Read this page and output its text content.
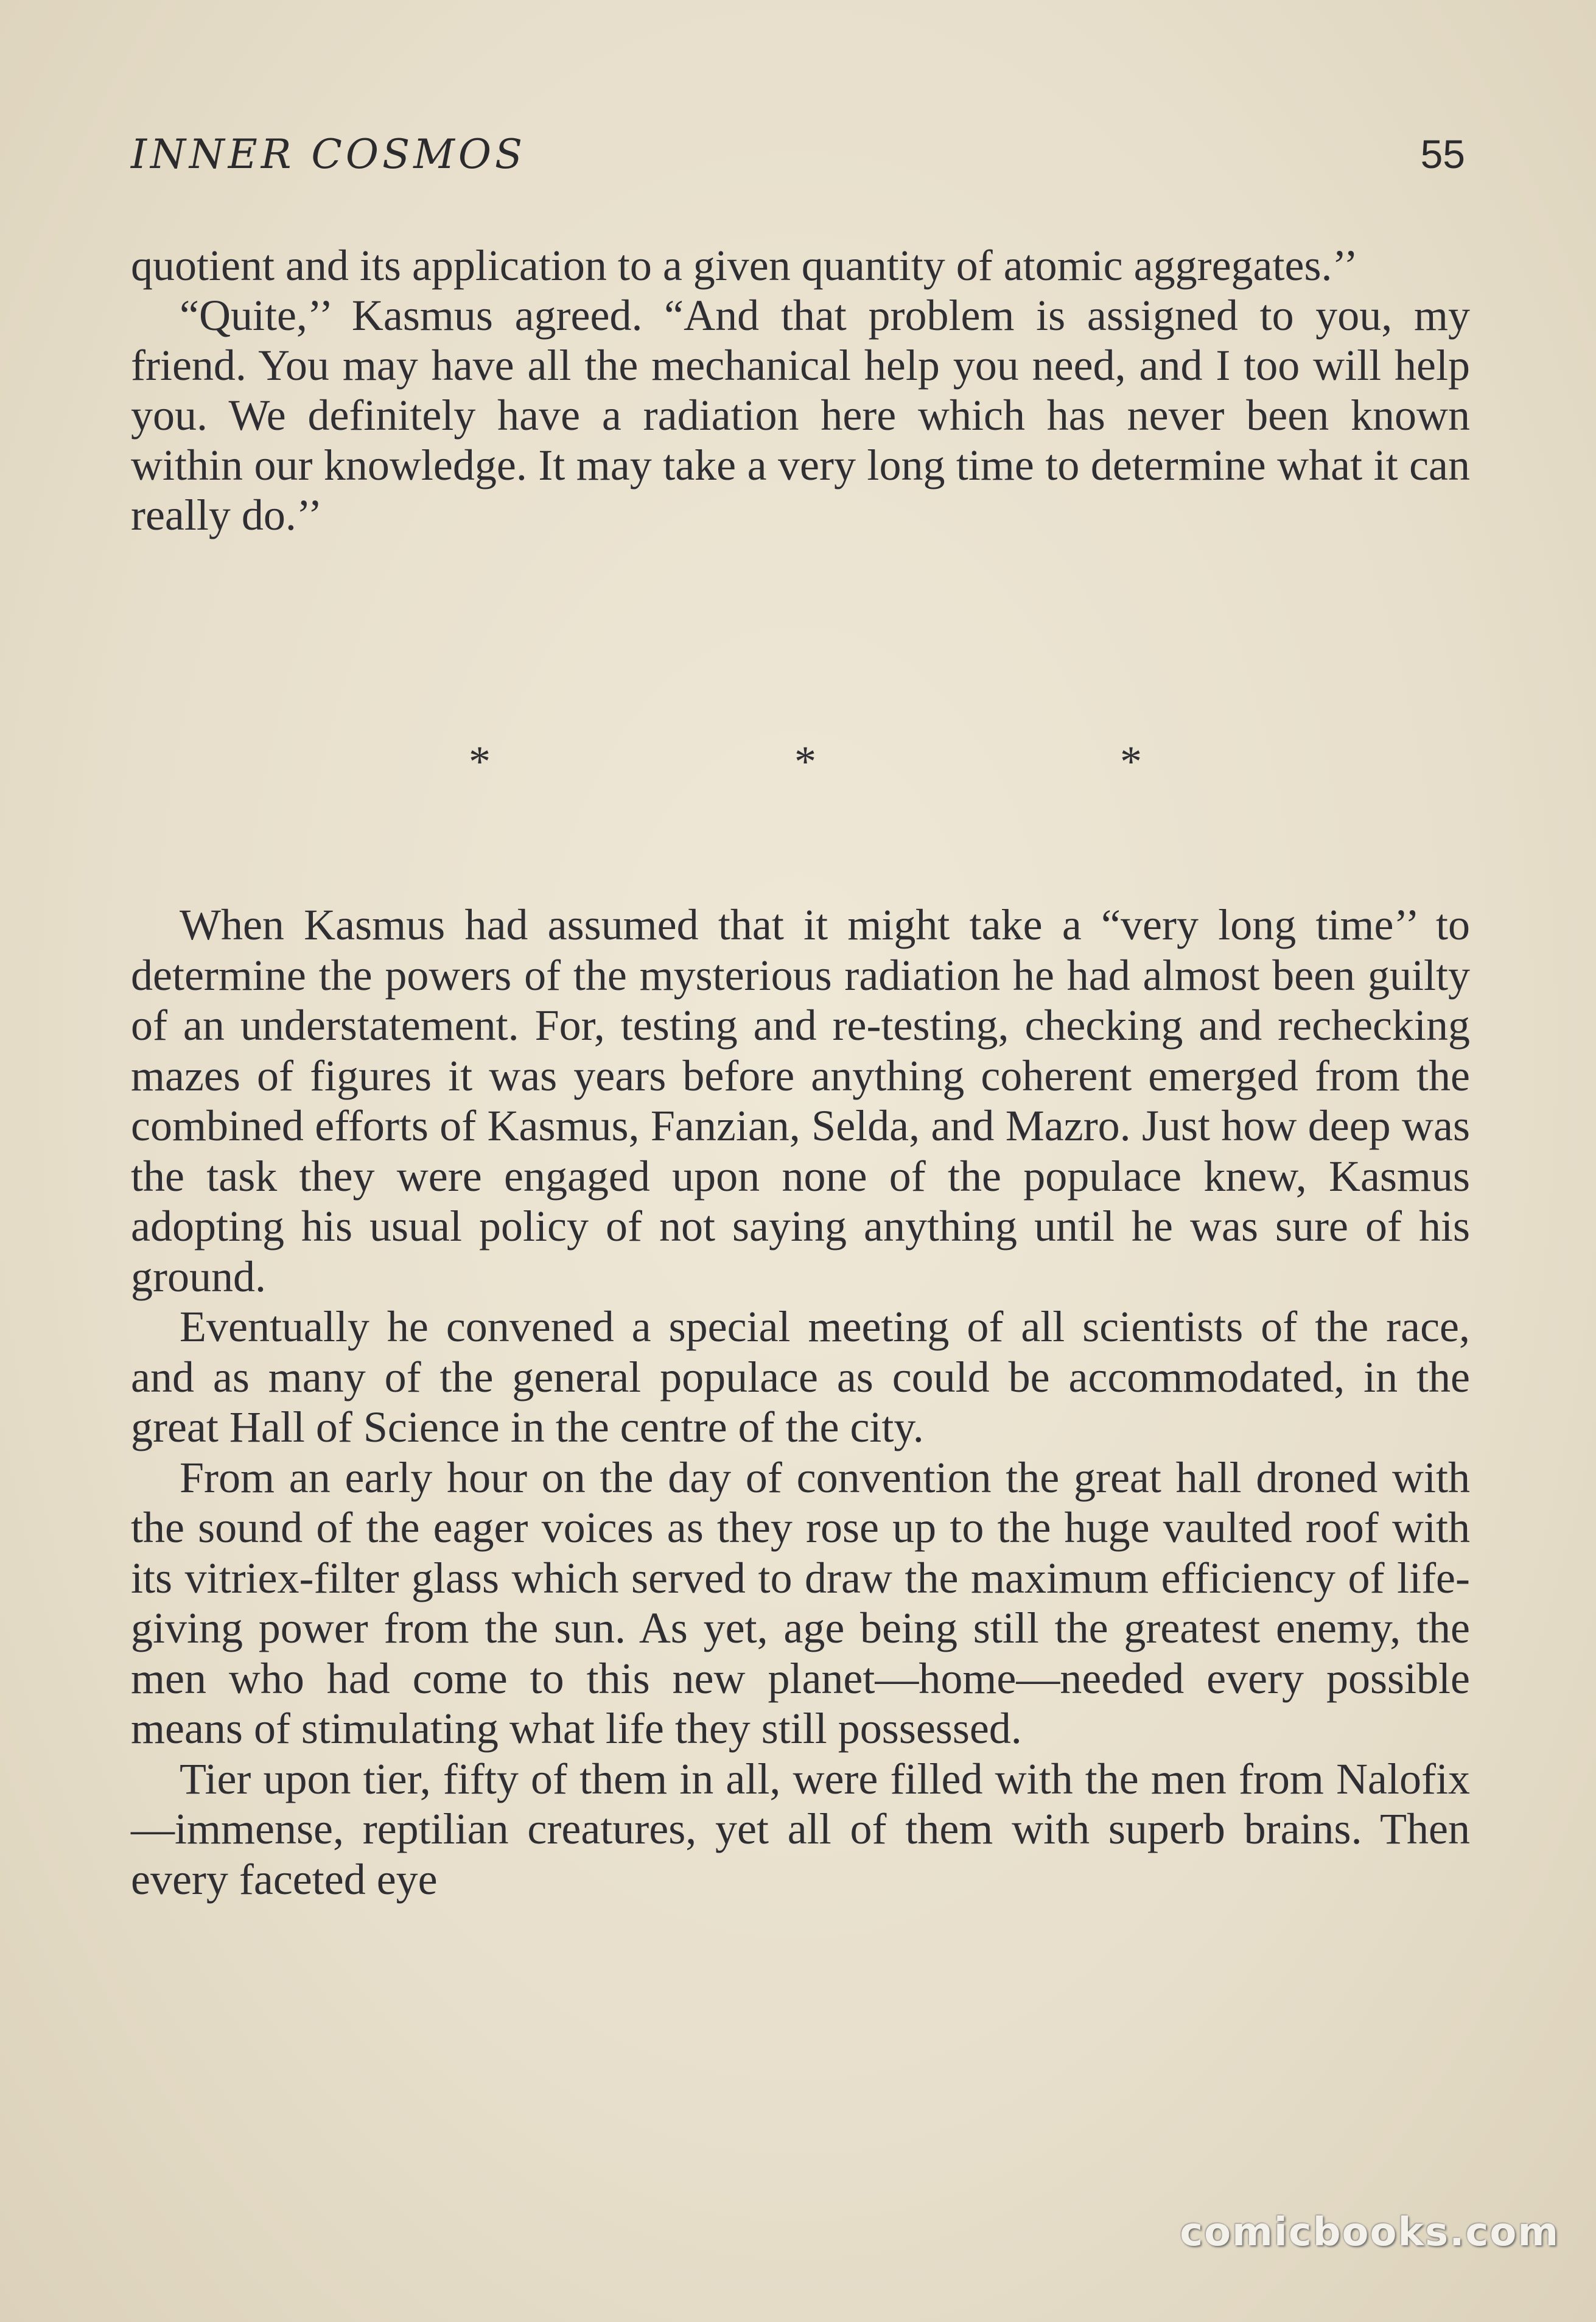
INNER COSMOS	55

quotient and its application to a given quantity of atomic aggregates.’’

“Quite,’’ Kasmus agreed. “And that problem is assigned to you, my friend. You may have all the mechanical help you need, and I too will help you. We definitely have a radiation here which has never been known within our knowledge. It may take a very long time to determine what it can really do.’’

*	*	*

When Kasmus had assumed that it might take a “very long time’’ to determine the powers of the mysterious radiation he had almost been guilty of an understatement. For, testing and re-testing, checking and rechecking mazes of figures it was years before anything coherent emerged from the combined efforts of Kasmus, Fanzian, Selda, and Mazro. Just how deep was the task they were engaged upon none of the populace knew, Kasmus adopting his usual policy of not saying anything until he was sure of his ground.

Eventually he convened a special meeting of all scientists of the race, and as many of the general populace as could be accommodated, in the great Hall of Science in the centre of the city.

From an early hour on the day of convention the great hall droned with the sound of the eager voices as they rose up to the huge vaulted roof with its vitriex-filter glass which served to draw the maximum efficiency of life-giving power from the sun. As yet, age being still the greatest enemy, the men who had come to this new planet—home—needed every possible means of stimulating what life they still possessed.

Tier upon tier, fifty of them in all, were filled with the men from Nalofix—immense, reptilian creatures, yet all of them with superb brains. Then every faceted eye

comicbooks.com
